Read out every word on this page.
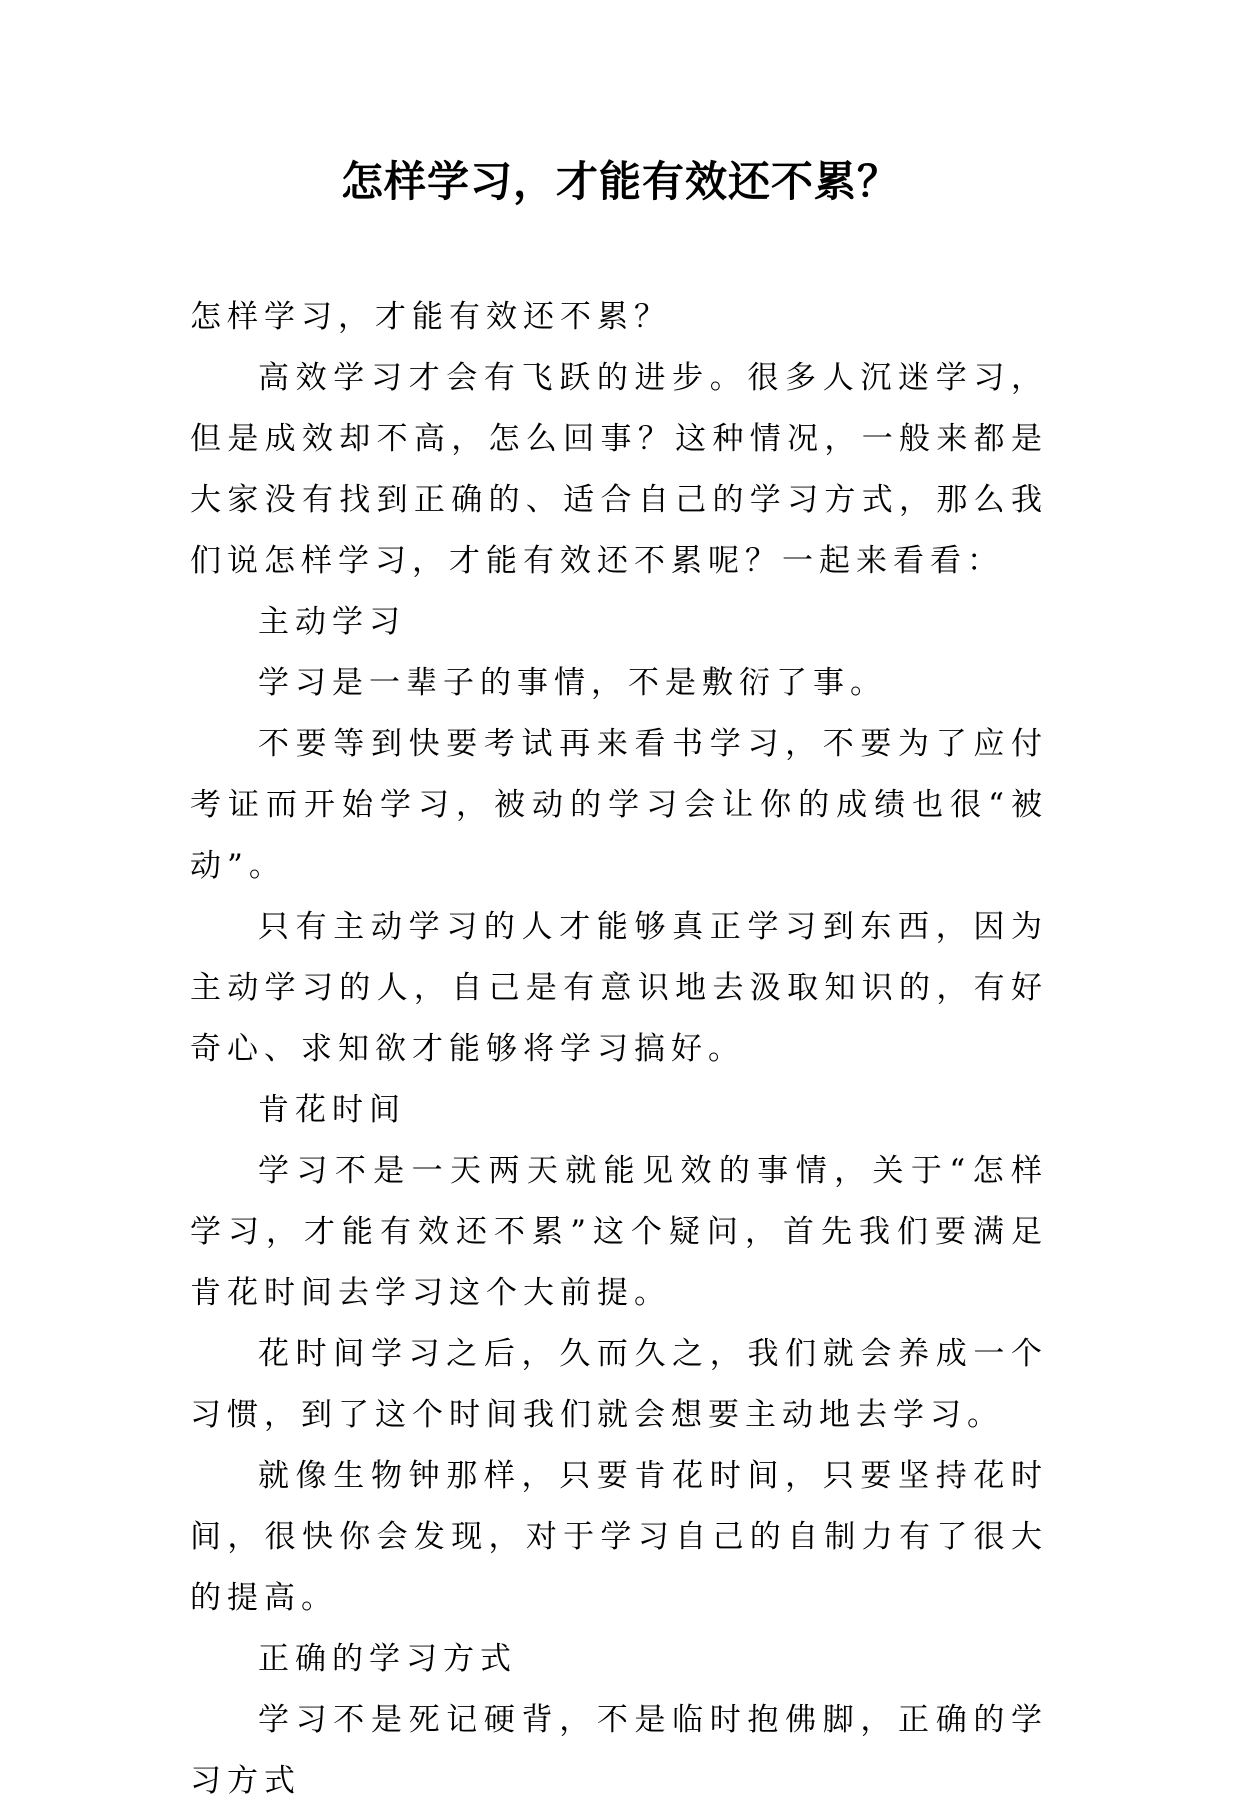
怎样学习，才能有效还不累？

怎样学习，才能有效还不累？

高效学习才会有飞跃的进步。很多人沉迷学习，但是成效却不高，怎么回事？这种情况，一般来都是大家没有找到正确的、适合自己的学习方式，那么我们说怎样学习，才能有效还不累呢？一起来看看：

主动学习

学习是一辈子的事情，不是敷衍了事。

不要等到快要考试再来看书学习，不要为了应付考证而开始学习，被动的学习会让你的成绩也很“被动”。

只有主动学习的人才能够真正学习到东西，因为主动学习的人，自己是有意识地去汲取知识的，有好奇心、求知欲才能够将学习搞好。

肯花时间

学习不是一天两天就能见效的事情，关于“怎样学习，才能有效还不累”这个疑问，首先我们要满足肯花时间去学习这个大前提。

花时间学习之后，久而久之，我们就会养成一个习惯，到了这个时间我们就会想要主动地去学习。

就像生物钟那样，只要肯花时间，只要坚持花时间，很快你会发现，对于学习自己的自制力有了很大的提高。

正确的学习方式

学习不是死记硬背，不是临时抱佛脚，正确的学习方式
